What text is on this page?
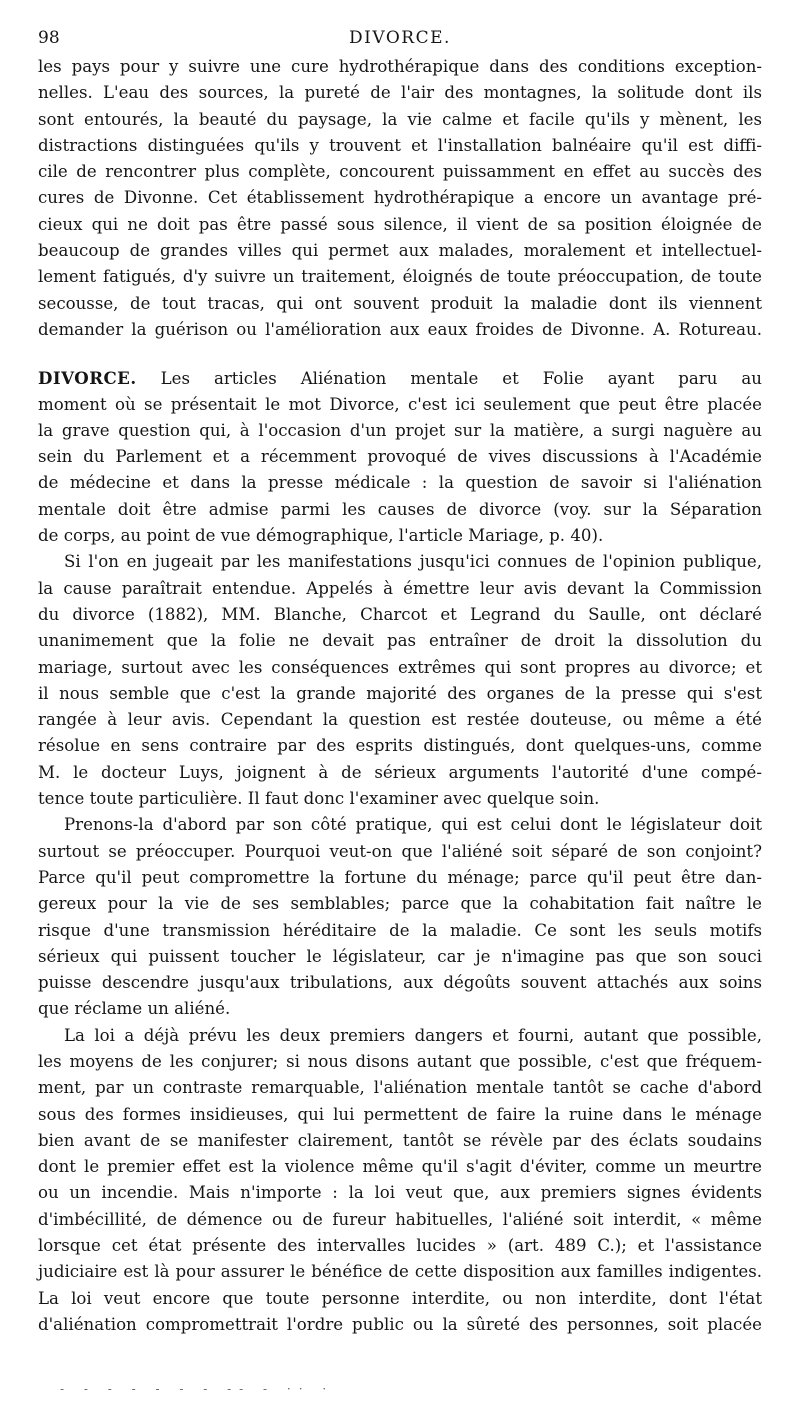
98	DIVORCE.
les pays pour y suivre une cure hydrothérapique dans des conditions exception-
nelles. L'eau des sources, la pureté de l'air des montagnes, la solitude dont ils
sont entourés, la beauté du paysage, la vie calme et facile qu'ils y mènent, les
distractions distinguées qu'ils y trouvent et l'installation balnéaire qu'il est diffi-
cile de rencontrer plus complète, concourent puissamment en effet au succès des
cures de Divonne. Cet établissement hydrothérapique a encore un avantage pré-
cieux qui ne doit pas être passé sous silence, il vient de sa position éloignée de
beaucoup de grandes villes qui permet aux malades, moralement et intellectuel-
lement fatigués, d'y suivre un traitement, éloignés de toute préoccupation, de toute
secousse, de tout tracas, qui ont souvent produit la maladie dont ils viennent
demander la guérison ou l'amélioration aux eaux froides de Divonne. A. Rotureau.
DIVORCE. Les articles Aliénation mentale et Folie ayant paru au
moment où se présentait le mot Divorce, c'est ici seulement que peut être placée
la grave question qui, à l'occasion d'un projet sur la matière, a surgi naguère au
sein du Parlement et a récemment provoqué de vives discussions à l'Académie
de médecine et dans la presse médicale : la question de savoir si l'aliénation
mentale doit être admise parmi les causes de divorce (voy. sur la Séparation
de corps, au point de vue démographique, l'article Mariage, p. 40).
Si l'on en jugeait par les manifestations jusqu'ici connues de l'opinion publique,
la cause paraîtrait entendue. Appelés à émettre leur avis devant la Commission
du divorce (1882), MM. Blanche, Charcot et Legrand du Saulle, ont déclaré
unanimement que la folie ne devait pas entraîner de droit la dissolution du
mariage, surtout avec les conséquences extrêmes qui sont propres au divorce; et
il nous semble que c'est la grande majorité des organes de la presse qui s'est
rangée à leur avis. Cependant la question est restée douteuse, ou même a été
résolue en sens contraire par des esprits distingués, dont quelques-uns, comme
M. le docteur Luys, joignent à de sérieux arguments l'autorité d'une compé-
tence toute particulière. Il faut donc l'examiner avec quelque soin.
Prenons-la d'abord par son côté pratique, qui est celui dont le législateur doit
surtout se préoccuper. Pourquoi veut-on que l'aliéné soit séparé de son conjoint?
Parce qu'il peut compromettre la fortune du ménage; parce qu'il peut être dan-
gereux pour la vie de ses semblables; parce que la cohabitation fait naître le
risque d'une transmission héréditaire de la maladie. Ce sont les seuls motifs
sérieux qui puissent toucher le législateur, car je n'imagine pas que son souci
puisse descendre jusqu'aux tribulations, aux dégoûts souvent attachés aux soins
que réclame un aliéné.
La loi a déjà prévu les deux premiers dangers et fourni, autant que possible,
les moyens de les conjurer; si nous disons autant que possible, c'est que fréquem-
ment, par un contraste remarquable, l'aliénation mentale tantôt se cache d'abord
sous des formes insidieuses, qui lui permettent de faire la ruine dans le ménage
bien avant de se manifester clairement, tantôt se révèle par des éclats soudains
dont le premier effet est la violence même qu'il s'agit d'éviter, comme un meurtre
ou un incendie. Mais n'importe : la loi veut que, aux premiers signes évidents
d'imbécillité, de démence ou de fureur habituelles, l'aliéné soit interdit, « même
lorsque cet état présente des intervalles lucides » (art. 489 C.); et l'assistance
judiciaire est là pour assurer le bénéfice de cette disposition aux familles indigentes.
La loi veut encore que toute personne interdite, ou non interdite, dont l'état
d'aliénation compromettrait l'ordre public ou la sûreté des personnes, soit placée
- - - - - - - -- - ·· ·
